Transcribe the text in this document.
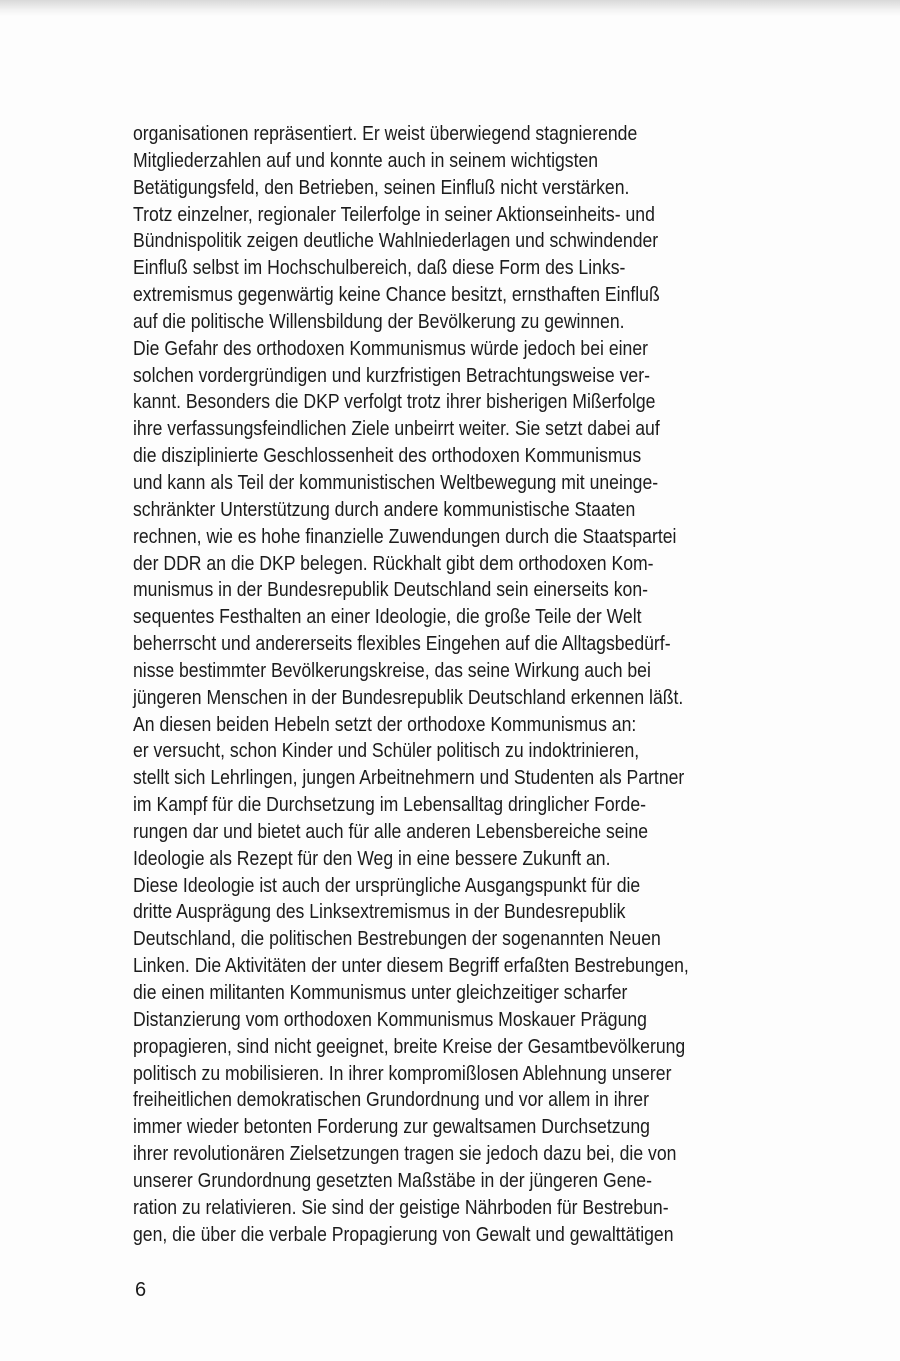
organisationen repräsentiert. Er weist überwiegend stagnierende
Mitgliederzahlen auf und konnte auch in seinem wichtigsten
Betätigungsfeld, den Betrieben, seinen Einfluß nicht verstärken.
Trotz einzelner, regionaler Teilerfolge in seiner Aktionseinheits- und
Bündnispolitik zeigen deutliche Wahlniederlagen und schwindender
Einfluß selbst im Hochschulbereich, daß diese Form des Links-
extremismus gegenwärtig keine Chance besitzt, ernsthaften Einfluß
auf die politische Willensbildung der Bevölkerung zu gewinnen.
Die Gefahr des orthodoxen Kommunismus würde jedoch bei einer
solchen vordergründigen und kurzfristigen Betrachtungsweise ver-
kannt. Besonders die DKP verfolgt trotz ihrer bisherigen Mißerfolge
ihre verfassungsfeindlichen Ziele unbeirrt weiter. Sie setzt dabei auf
die disziplinierte Geschlossenheit des orthodoxen Kommunismus
und kann als Teil der kommunistischen Weltbewegung mit uneinge-
schränkter Unterstützung durch andere kommunistische Staaten
rechnen, wie es hohe finanzielle Zuwendungen durch die Staatspartei
der DDR an die DKP belegen. Rückhalt gibt dem orthodoxen Kom-
munismus in der Bundesrepublik Deutschland sein einerseits kon-
sequentes Festhalten an einer Ideologie, die große Teile der Welt
beherrscht und andererseits flexibles Eingehen auf die Alltagsbedürf-
nisse bestimmter Bevölkerungskreise, das seine Wirkung auch bei
jüngeren Menschen in der Bundesrepublik Deutschland erkennen läßt.
An diesen beiden Hebeln setzt der orthodoxe Kommunismus an:
er versucht, schon Kinder und Schüler politisch zu indoktrinieren,
stellt sich Lehrlingen, jungen Arbeitnehmern und Studenten als Partner
im Kampf für die Durchsetzung im Lebensalltag dringlicher Forde-
rungen dar und bietet auch für alle anderen Lebensbereiche seine
Ideologie als Rezept für den Weg in eine bessere Zukunft an.
Diese Ideologie ist auch der ursprüngliche Ausgangspunkt für die
dritte Ausprägung des Linksextremismus in der Bundesrepublik
Deutschland, die politischen Bestrebungen der sogenannten Neuen
Linken. Die Aktivitäten der unter diesem Begriff erfaßten Bestrebungen,
die einen militanten Kommunismus unter gleichzeitiger scharfer
Distanzierung vom orthodoxen Kommunismus Moskauer Prägung
propagieren, sind nicht geeignet, breite Kreise der Gesamtbevölkerung
politisch zu mobilisieren. In ihrer kompromißlosen Ablehnung unserer
freiheitlichen demokratischen Grundordnung und vor allem in ihrer
immer wieder betonten Forderung zur gewaltsamen Durchsetzung
ihrer revolutionären Zielsetzungen tragen sie jedoch dazu bei, die von
unserer Grundordnung gesetzten Maßstäbe in der jüngeren Gene-
ration zu relativieren. Sie sind der geistige Nährboden für Bestrebun-
gen, die über die verbale Propagierung von Gewalt und gewalttätigen
6
